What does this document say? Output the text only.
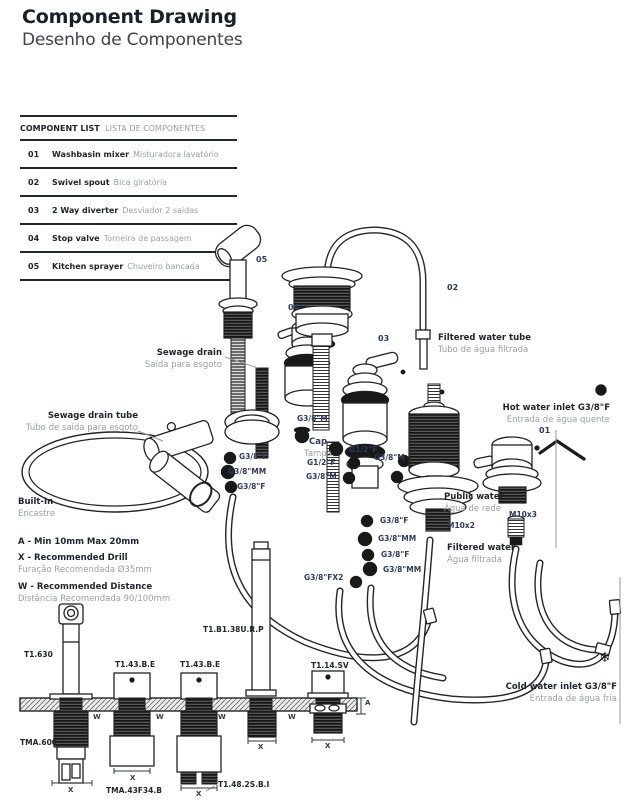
Component Drawing
Desenho de Componentes
COMPONENT LIST LISTA DE COMPONENTES
01	Washbasin mixer Misturadora lavatório
02	Swivel spout Bica giratória
03	2 Way diverter Desviador 2 saídas
04	Stop valve Torneira de passagem
05	Kitchen sprayer Chuveiro bancada
05
04
03
02
01
Sewage drain
Saída para esgoto
Sewage drain tube
Tubo de saída para esgoto
Filtered water tube
Tubo de água filtrada
Hot water inlet G3/8"F
Entrada de água quente
Cold water inlet G3/8"F
Entrada de água fria
Public water
Água de rede
Filtered water
Água filtrada
Built-In
Encastre
Cap
Tampa
A - Min 10mm Max 20mm
X - Recommended Drill
Furação Recomendada Ø35mm
W - Recommended Distance
Distância Recomendada 90/100mm
G3/8"M
G3/8"F
G3/8"MM
G3/8"F
G1/2"F
G3/8"M
G1/2"F
G3/8"M
G3/8"F
G3/8"MM
G3/8"F
G3/8"MM
G3/8"FX2
M10x2
M10x3
T1.630
TMA.600
T1.43.B.E	T1.43.B.E
TMA.43F34.B
T1.B1.38U.R.P
T1.14.SV
T1.48.2S.B.I
W	W	W	W
X
X
X
X	X
A
❄
